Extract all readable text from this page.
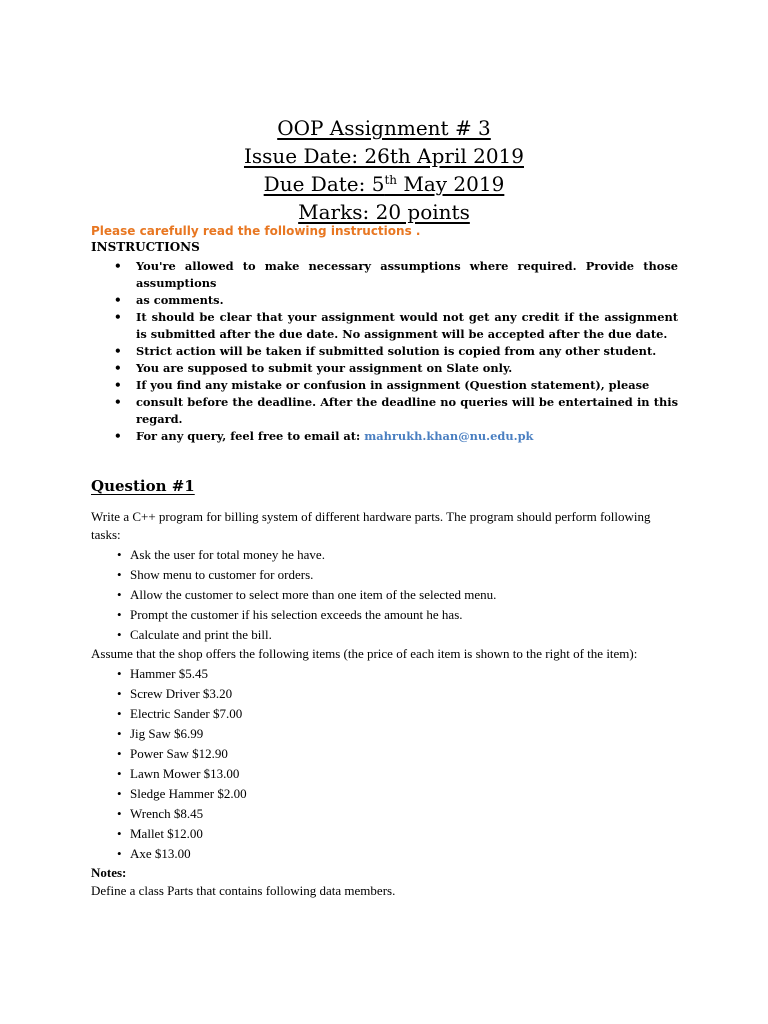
OOP Assignment # 3
Issue Date: 26th April 2019
Due Date: 5th May 2019
Marks: 20 points
Please carefully read the following instructions .
INSTRUCTIONS
• You're allowed to make necessary assumptions where required. Provide those assumptions
• as comments.
• It should be clear that your assignment would not get any credit if the assignment is submitted after the due date. No assignment will be accepted after the due date.
• Strict action will be taken if submitted solution is copied from any other student.
• You are supposed to submit your assignment on Slate only.
• If you find any mistake or confusion in assignment (Question statement), please
• consult before the deadline. After the deadline no queries will be entertained in this regard.
• For any query, feel free to email at: mahrukh.khan@nu.edu.pk
Question #1

Write a C++ program for billing system of different hardware parts. The program should perform following tasks:

• Ask the user for total money he have.
• Show menu to customer for orders.
• Allow the customer to select more than one item of the selected menu.
• Prompt the customer if his selection exceeds the amount he has.
• Calculate and print the bill.

Assume that the shop offers the following items (the price of each item is shown to the right of the item):

• Hammer $5.45
• Screw Driver $3.20
• Electric Sander $7.00
• Jig Saw $6.99
• Power Saw $12.90
• Lawn Mower $13.00
• Sledge Hammer $2.00
• Wrench $8.45
• Mallet $12.00
• Axe $13.00
Notes:

Define a class Parts that contains following data members.
